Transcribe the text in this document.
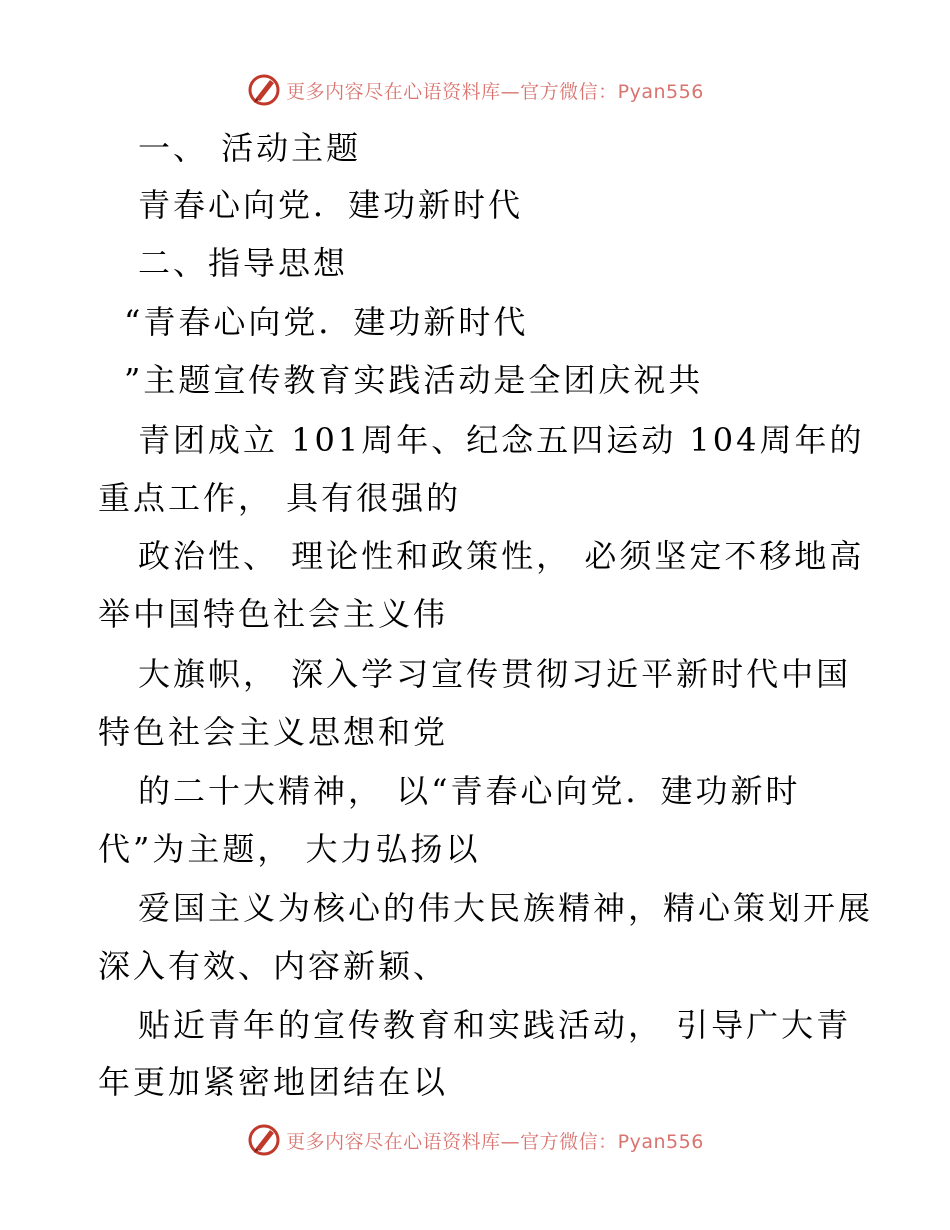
更多内容尽在心语资料库—官方微信：Pyan556
一、 活动主题
青春心向党．建功新时代
二、指导思想
“青春心向党．建功新时代
”主题宣传教育实践活动是全团庆祝共
青团成立 101周年、纪念五四运动 104周年的
重点工作， 具有很强的
政治性、 理论性和政策性， 必须坚定不移地高
举中国特色社会主义伟
大旗帜， 深入学习宣传贯彻习近平新时代中国
特色社会主义思想和党
的二十大精神， 以“青春心向党．建功新时
代”为主题， 大力弘扬以
爱国主义为核心的伟大民族精神，精心策划开展
深入有效、内容新颖、
贴近青年的宣传教育和实践活动， 引导广大青
年更加紧密地团结在以
更多内容尽在心语资料库—官方微信：Pyan556
